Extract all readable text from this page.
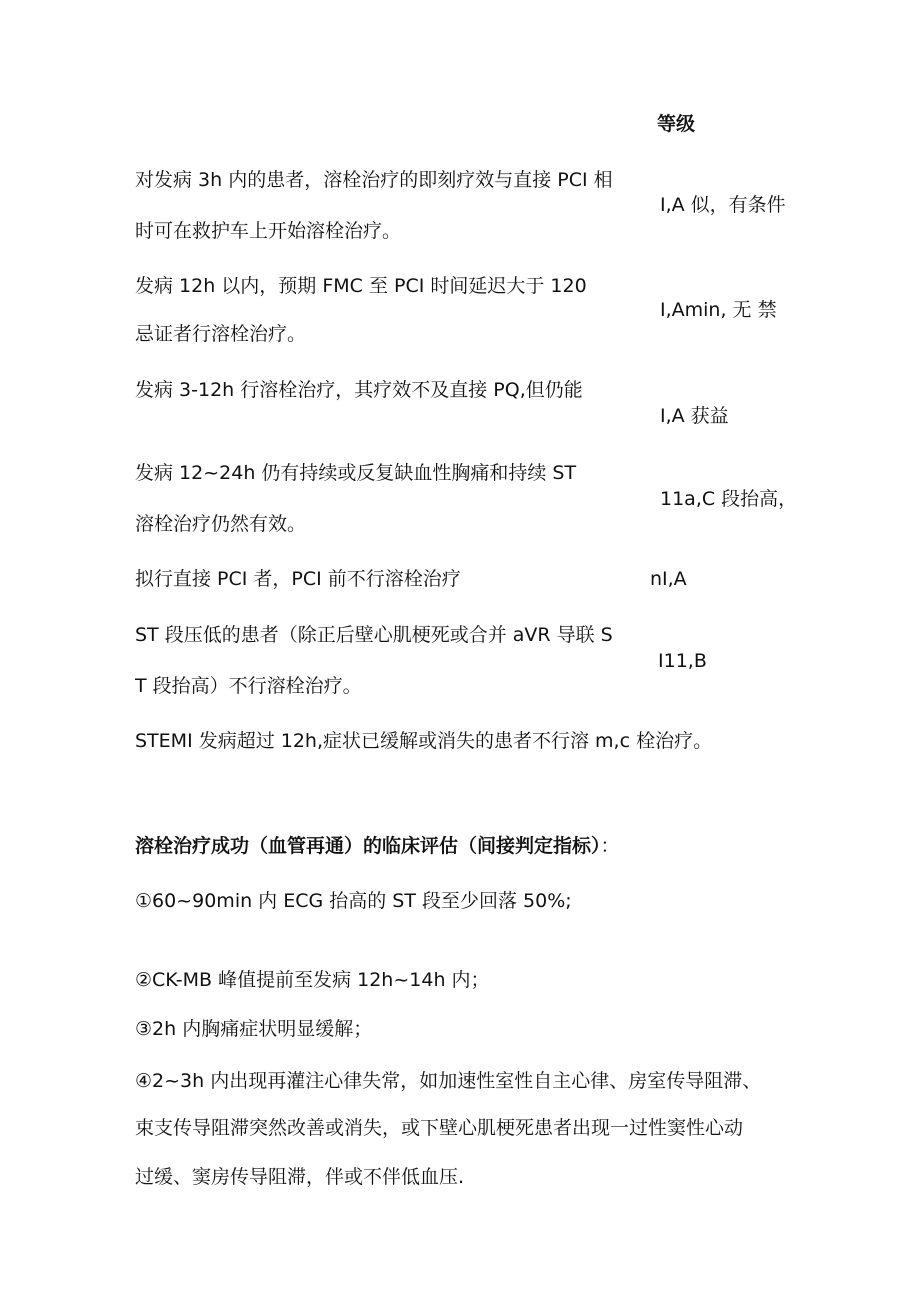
等级
对发病 3h 内的患者，溶栓治疗的即刻疗效与直接 PCI 相
时可在救护车上开始溶栓治疗。
I,A 似，有条件
发病 12h 以内，预期 FMC 至 PCI 时间延迟大于 120
忌证者行溶栓治疗。
I,Amin, 无 禁
发病 3-12h 行溶栓治疗，其疗效不及直接 PQ,但仍能
I,A 获益
发病 12~24h 仍有持续或反复缺血性胸痛和持续 ST
溶栓治疗仍然有效。
11a,C 段抬高，
拟行直接 PCI 者，PCI 前不行溶栓治疗	nI,A
ST 段压低的患者（除正后壁心肌梗死或合并 aVR 导联 S
T 段抬高）不行溶栓治疗。
I11,B
STEMI 发病超过 12h,症状已缓解或消失的患者不行溶 m,c 栓治疗。
溶栓治疗成功（血管再通）的临床评估（间接判定指标）：
①60~90min 内 ECG 抬高的 ST 段至少回落 50%;
②CK-MB 峰值提前至发病 12h~14h 内；
③2h 内胸痛症状明显缓解；
④2~3h 内出现再灌注心律失常，如加速性室性自主心律、房室传导阻滞、
束支传导阻滞突然改善或消失，或下壁心肌梗死患者出现一过性窦性心动
过缓、窦房传导阻滞，伴或不伴低血压.
